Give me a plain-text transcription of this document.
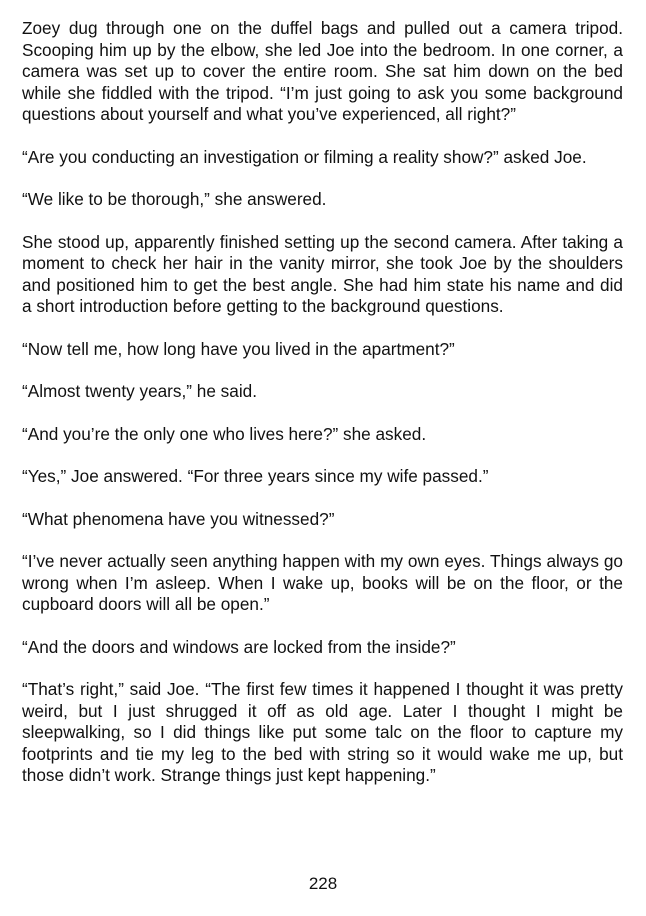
Zoey dug through one on the duffel bags and pulled out a camera tripod. Scooping him up by the elbow, she led Joe into the bedroom. In one corner, a camera was set up to cover the entire room. She sat him down on the bed while she fiddled with the tripod. “I’m just going to ask you some background questions about yourself and what you’ve experienced, all right?”

“Are you conducting an investigation or filming a reality show?” asked Joe.

“We like to be thorough,” she answered.

She stood up, apparently finished setting up the second camera. After taking a moment to check her hair in the vanity mirror, she took Joe by the shoulders and positioned him to get the best angle. She had him state his name and did a short introduction before getting to the background questions.

“Now tell me, how long have you lived in the apartment?”

“Almost twenty years,” he said.

“And you’re the only one who lives here?” she asked.

“Yes,” Joe answered. “For three years since my wife passed.”

“What phenomena have you witnessed?”

“I’ve never actually seen anything happen with my own eyes. Things always go wrong when I’m asleep. When I wake up, books will be on the floor, or the cupboard doors will all be open.”

“And the doors and windows are locked from the inside?”

“That’s right,” said Joe. “The first few times it happened I thought it was pretty weird, but I just shrugged it off as old age. Later I thought I might be sleepwalking, so I did things like put some talc on the floor to capture my footprints and tie my leg to the bed with string so it would wake me up, but those didn’t work. Strange things just kept happening.”

228
